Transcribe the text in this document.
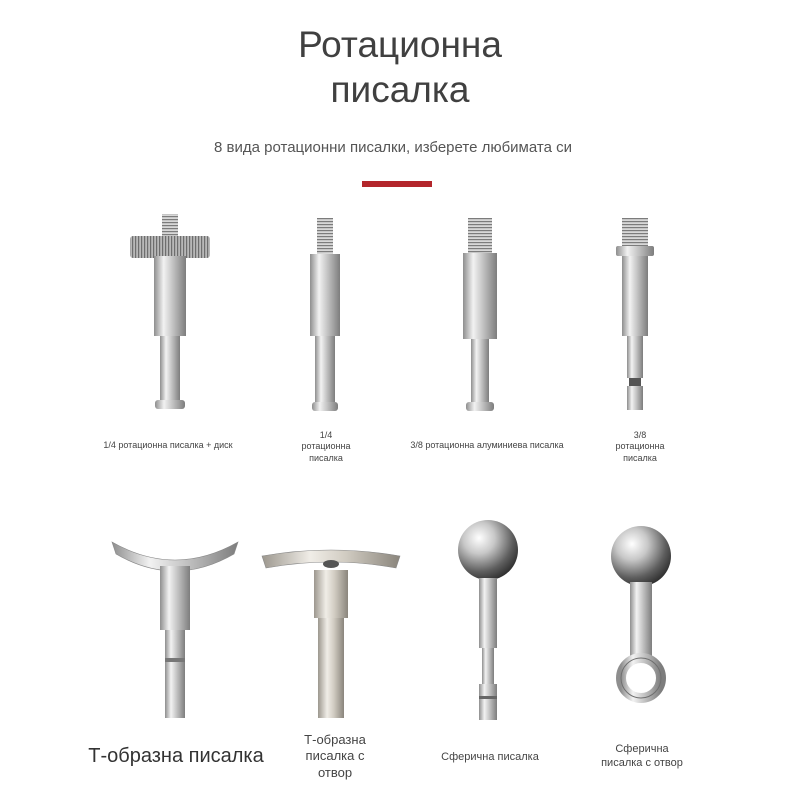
Ротационна
писалка
8 вида ротационни писалки, изберете любимата си
1/4 ротационна писалка + диск
1/4
ротационна
писалка
3/8 ротационна алуминиева писалка
3/8
ротационна
писалка
Т-образна писалка
Т-образна
писалка с
отвор
Сферична писалка
Сферична
писалка с отвор
